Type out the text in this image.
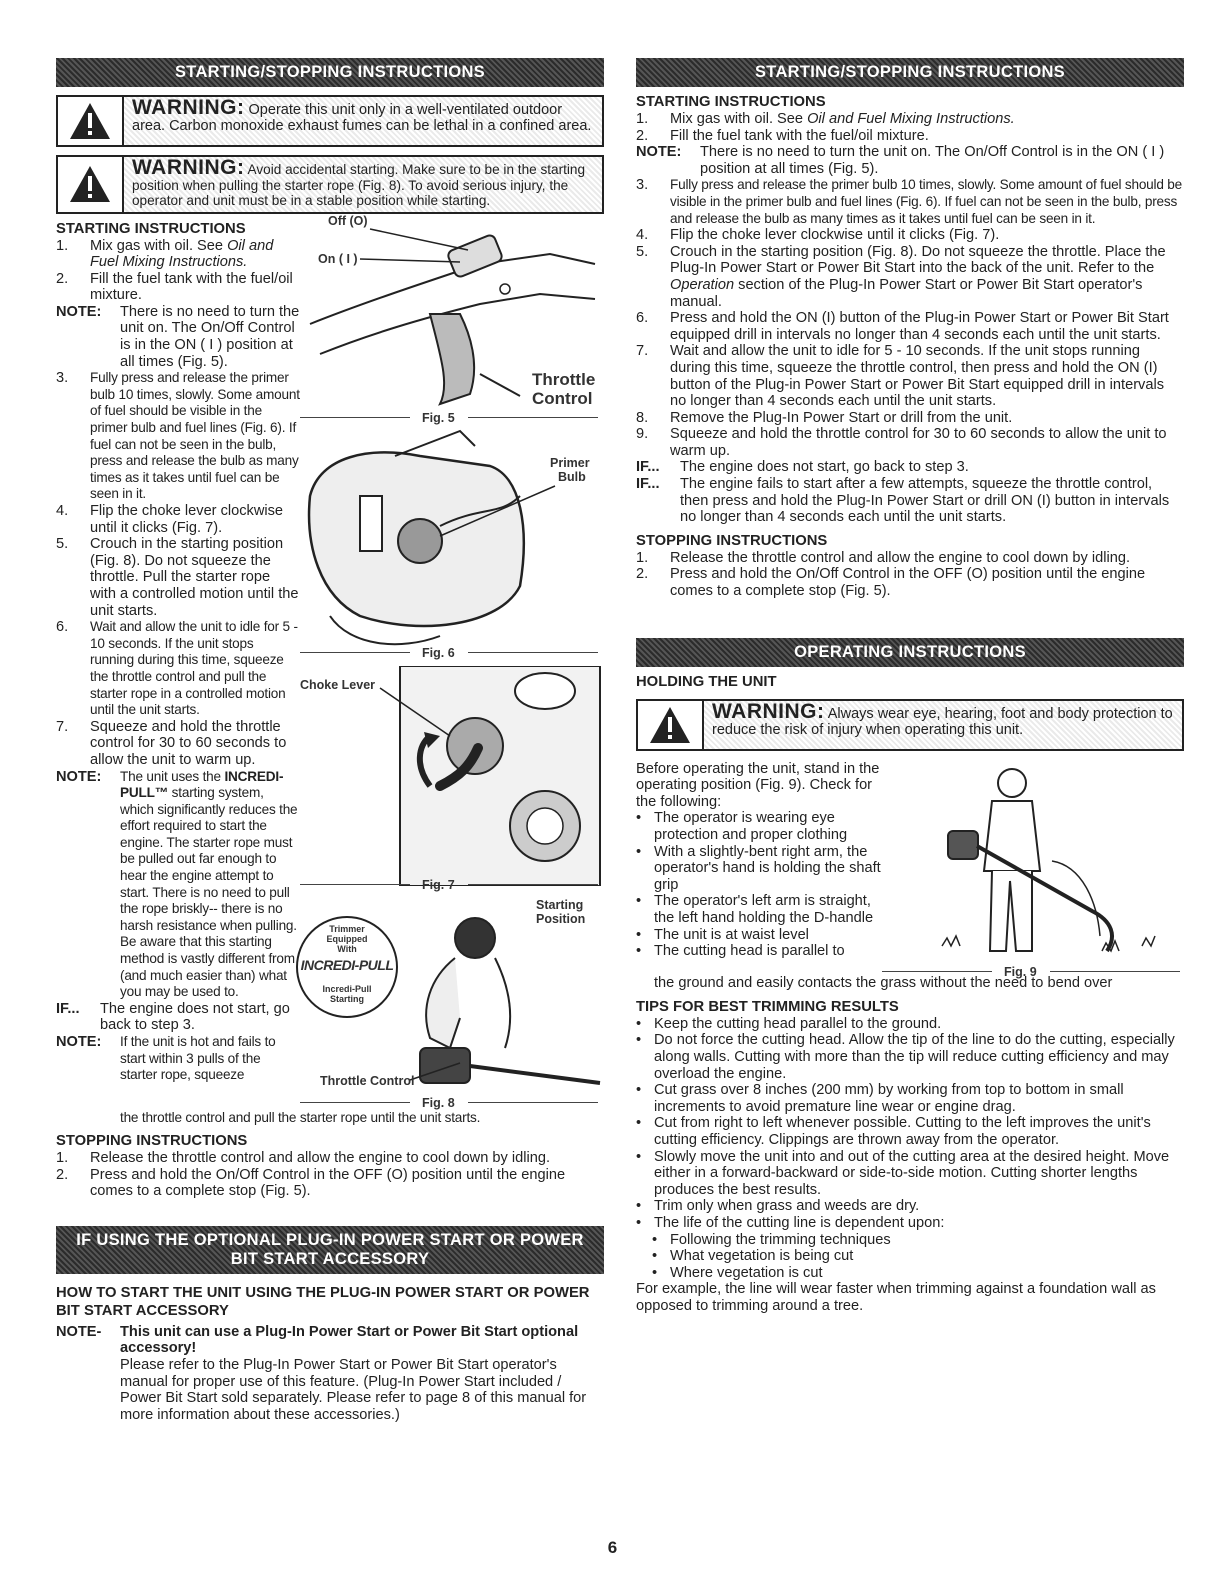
STARTING/STOPPING INSTRUCTIONS
WARNING: Operate this unit only in a well-ventilated outdoor area. Carbon monoxide exhaust fumes can be lethal in a confined area.
WARNING: Avoid accidental starting. Make sure to be in the starting position when pulling the starter rope (Fig. 8). To avoid serious injury, the operator and unit must be in a stable position while starting.
STARTING INSTRUCTIONS
1.	Mix gas with oil. See Oil and Fuel Mixing Instructions.
2.	Fill the fuel tank with the fuel/oil mixture.
NOTE:	There is no need to turn the unit on. The On/Off Control is in the ON ( I ) position at all times (Fig. 5).
3.	Fully press and release the primer bulb 10 times, slowly. Some amount of fuel should be visible in the primer bulb and fuel lines (Fig. 6). If fuel can not be seen in the bulb, press and release the bulb as many times as it takes until fuel can be seen in it.
4.	Flip the choke lever clockwise until it clicks (Fig. 7).
5.	Crouch in the starting position (Fig. 8). Do not squeeze the throttle. Pull the starter rope with a controlled motion until the unit starts.
6.	Wait and allow the unit to idle for 5 - 10 seconds. If the unit stops running during this time, squeeze the throttle control and pull the starter rope in a controlled motion until the unit starts.
7.	Squeeze and hold the throttle control for 30 to 60 seconds to allow the unit to warm up.
NOTE:	The unit uses the INCREDI-PULL™ starting system, which significantly reduces the effort required to start the engine. The starter rope must be pulled out far enough to hear the engine attempt to start. There is no need to pull the rope briskly-- there is no harsh resistance when pulling. Be aware that this starting method is vastly different from (and much easier than) what you may be used to.
IF...	The engine does not start, go back to step 3.
NOTE:	If the unit is hot and fails to start within 3 pulls of the starter rope, squeeze
Off (O)
On ( I )
Throttle
Control
Fig. 5
Primer
Bulb
Fig. 6
Choke Lever
Fig. 7
Trimmer
Equipped With
INCREDI-PULL
Incredi-Pull
Starting
Starting
Position
Throttle Control
Fig. 8
the throttle control and pull the starter rope until the unit starts.
STOPPING INSTRUCTIONS
1.	Release the throttle control and allow the engine to cool down by idling.
2.	Press and hold the On/Off Control in the OFF (O) position until the engine comes to a complete stop (Fig. 5).
IF USING THE OPTIONAL PLUG-IN POWER START OR POWER BIT START ACCESSORY
HOW TO START THE UNIT USING THE PLUG-IN POWER START OR POWER BIT START ACCESSORY
NOTE-	This unit can use a Plug-In Power Start or Power Bit Start optional accessory!
Please refer to the Plug-In Power Start or Power Bit Start operator's manual for proper use of this feature. (Plug-In Power Start included / Power Bit Start sold separately. Please refer to page 8 of this manual for more information about these accessories.)
STARTING/STOPPING INSTRUCTIONS
STARTING INSTRUCTIONS
1.	Mix gas with oil. See Oil and Fuel Mixing Instructions.
2.	Fill the fuel tank with the fuel/oil mixture.
NOTE:	There is no need to turn the unit on. The On/Off Control is in the ON ( I ) position at all times (Fig. 5).
3.	Fully press and release the primer bulb 10 times, slowly. Some amount of fuel should be visible in the primer bulb and fuel lines (Fig. 6). If fuel can not be seen in the bulb, press and release the bulb as many times as it takes until fuel can be seen in it.
4.	Flip the choke lever clockwise until it clicks (Fig. 7).
5.	Crouch in the starting position (Fig. 8). Do not squeeze the throttle. Place the Plug-In Power Start or Power Bit Start into the back of the unit. Refer to the Operation section of the Plug-In Power Start or Power Bit Start operator's manual.
6.	Press and hold the ON (I) button of the Plug-in Power Start or Power Bit Start equipped drill in intervals no longer than 4 seconds each until the unit starts.
7.	Wait and allow the unit to idle for 5 - 10 seconds. If the unit stops running during this time, squeeze the throttle control, then press and hold the ON (I) button of the Plug-in Power Start or Power Bit Start equipped drill in intervals no longer than 4 seconds each until the unit starts.
8.	Remove the Plug-In Power Start or drill from the unit.
9.	Squeeze and hold the throttle control for 30 to 60 seconds to allow the unit to warm up.
IF...	The engine does not start, go back to step 3.
IF...	The engine fails to start after a few attempts, squeeze the throttle control, then press and hold the Plug-In Power Start or drill ON (I) button in intervals no longer than 4 seconds each until the unit starts.
STOPPING INSTRUCTIONS
1.	Release the throttle control and allow the engine to cool down by idling.
2.	Press and hold the On/Off Control in the OFF (O) position until the engine comes to a complete stop (Fig. 5).
OPERATING INSTRUCTIONS
HOLDING THE UNIT
WARNING: Always wear eye, hearing, foot and body protection to reduce the risk of injury when operating this unit.
Before operating the unit, stand in the operating position (Fig. 9). Check for the following:
• The operator is wearing eye protection and proper clothing
• With a slightly-bent right arm, the operator's hand is holding the shaft grip
• The operator's left arm is straight, the left hand holding the D-handle
• The unit is at waist level
• The cutting head is parallel to
Fig. 9
the ground and easily contacts the grass without the need to bend over
TIPS FOR BEST TRIMMING RESULTS
• Keep the cutting head parallel to the ground.
• Do not force the cutting head. Allow the tip of the line to do the cutting, especially along walls. Cutting with more than the tip will reduce cutting efficiency and may overload the engine.
• Cut grass over 8 inches (200 mm) by working from top to bottom in small increments to avoid premature line wear or engine drag.
• Cut from right to left whenever possible. Cutting to the left improves the unit's cutting efficiency. Clippings are thrown away from the operator.
• Slowly move the unit into and out of the cutting area at the desired height. Move either in a forward-backward or side-to-side motion. Cutting shorter lengths produces the best results.
• Trim only when grass and weeds are dry.
• The life of the cutting line is dependent upon:
• Following the trimming techniques
• What vegetation is being cut
• Where vegetation is cut
For example, the line will wear faster when trimming against a foundation wall as opposed to trimming around a tree.
6
